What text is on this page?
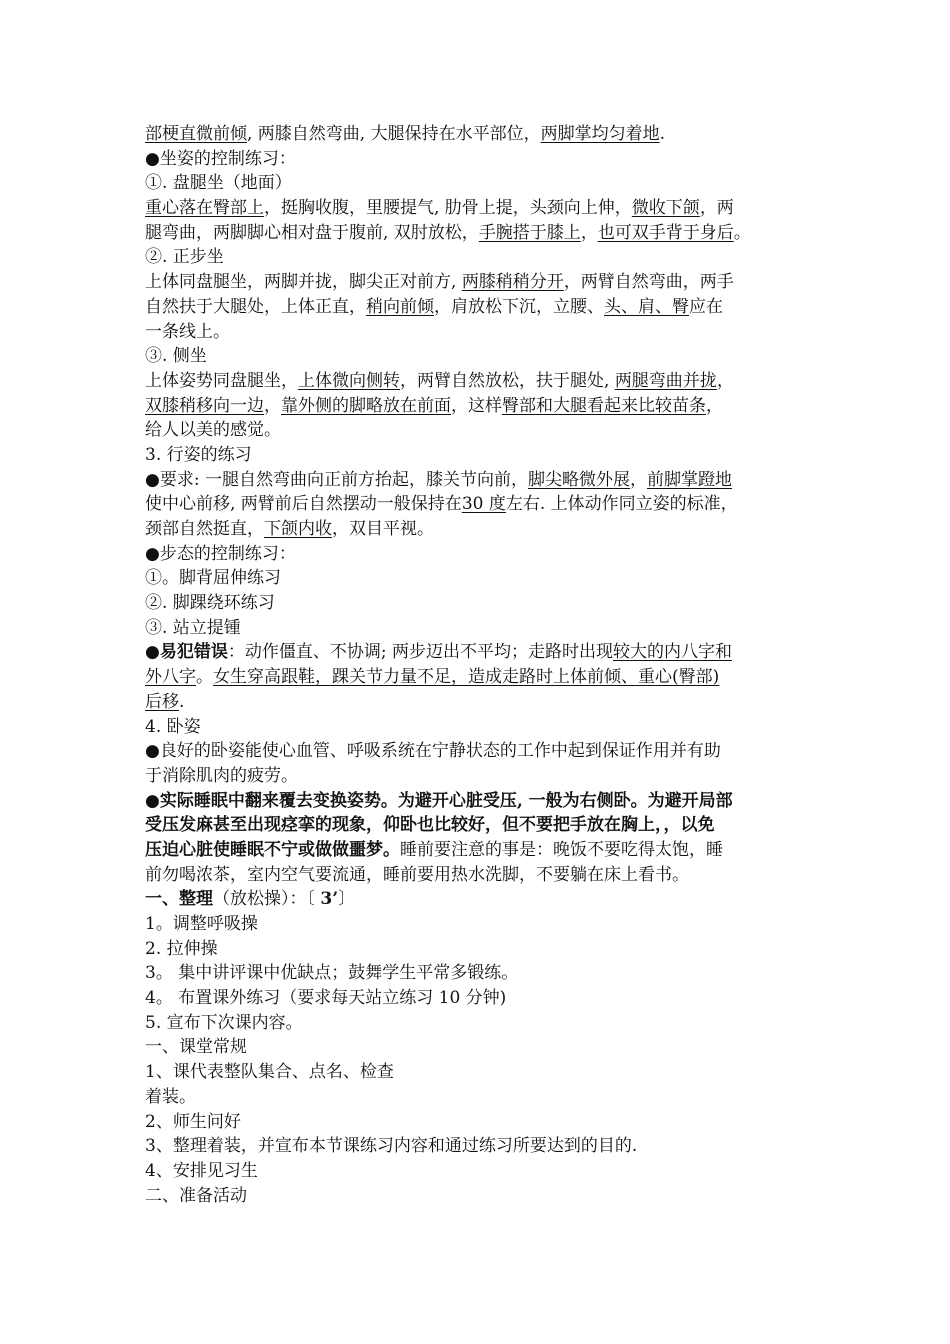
部梗直微前倾, 两膝自然弯曲, 大腿保持在水平部位，两脚掌均匀着地.
●坐姿的控制练习：
①. 盘腿坐（地面）
重心落在臀部上，挺胸收腹，里腰提气, 肋骨上提，头颈向上伸，微收下颌，两
腿弯曲，两脚脚心相对盘于腹前, 双肘放松，手腕搭于膝上，也可双手背于身后。
②. 正步坐
上体同盘腿坐，两脚并拢，脚尖正对前方, 两膝稍稍分开，两臂自然弯曲，两手
自然扶于大腿处，上体正直，稍向前倾，肩放松下沉，立腰、头、肩、臀应在
一条线上。
③. 侧坐
上体姿势同盘腿坐，上体微向侧转，两臂自然放松，扶于腿处, 两腿弯曲并拢，
双膝稍移向一边，靠外侧的脚略放在前面，这样臀部和大腿看起来比较苗条，
给人以美的感觉。
3. 行姿的练习
●要求: 一腿自然弯曲向正前方抬起，膝关节向前，脚尖略微外展，前脚掌蹬地
使中心前移, 两臂前后自然摆动一般保持在30 度左右. 上体动作同立姿的标准，
颈部自然挺直，下颌内收，双目平视。
●步态的控制练习：
①。脚背屈伸练习
②. 脚踝绕环练习
③. 站立提锺
●易犯错误：动作僵直、不协调; 两步迈出不平均；走路时出现较大的内八字和
外八字。女生穿高跟鞋，踝关节力量不足，造成走路时上体前倾、重心(臀部)
后移.
4. 卧姿
●良好的卧姿能使心血管、呼吸系统在宁静状态的工作中起到保证作用并有助
于消除肌肉的疲劳。
●实际睡眠中翻来覆去变换姿势。为避开心脏受压, 一般为右侧卧。为避开局部
受压发麻甚至出现痉挛的现象，仰卧也比较好，但不要把手放在胸上，，以免
压迫心脏使睡眠不宁或做做噩梦。睡前要注意的事是：晚饭不要吃得太饱，睡
前勿喝浓茶，室内空气要流通，睡前要用热水洗脚，不要躺在床上看书。
一、整理（放松操）：〔 3’〕
1。调整呼吸操
2. 拉伸操
3。 集中讲评课中优缺点；鼓舞学生平常多锻练。
4。 布置课外练习（要求每天站立练习 10 分钟)
5. 宣布下次课内容。
一、课堂常规
1、课代表整队集合、点名、检查
着装。
2、师生问好
3、整理着装，并宣布本节课练习内容和通过练习所要达到的目的.
4、安排见习生
二、准备活动
